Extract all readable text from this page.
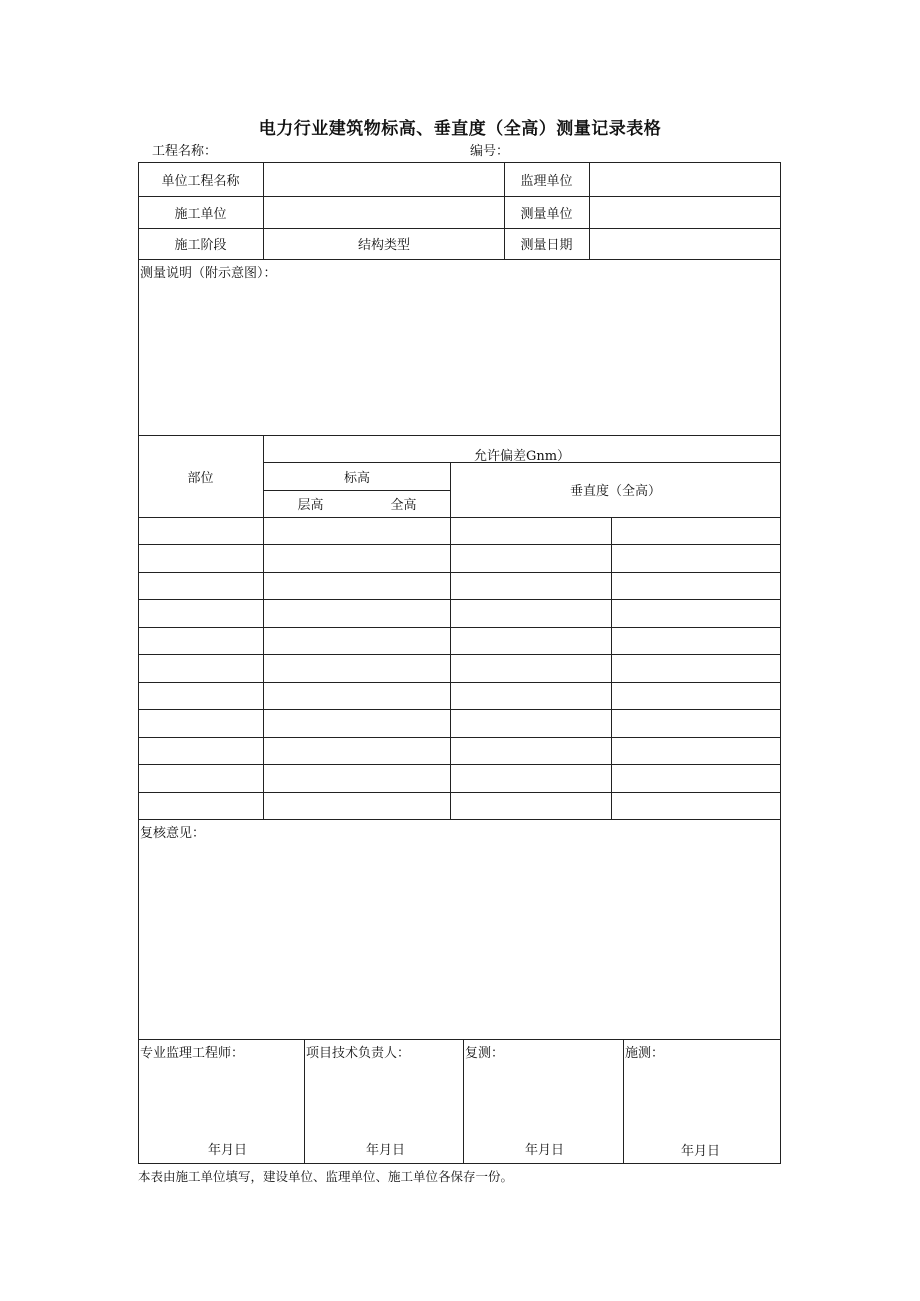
电力行业建筑物标高、垂直度（全高）测量记录表格
工程名称：	编号：
单位工程名称	监理单位
施工单位	测量单位
施工阶段	结构类型	测量日期
测量说明（附示意图）：
部位
允许偏差Gnm）
标高
层高	全高
垂直度（全高）
复核意见：
专业监理工程师：	项目技术负责人：	复测：	施测：
年月日	年月日	年月日	年月日
本表由施工单位填写，建设单位、监理单位、施工单位各保存一份。
